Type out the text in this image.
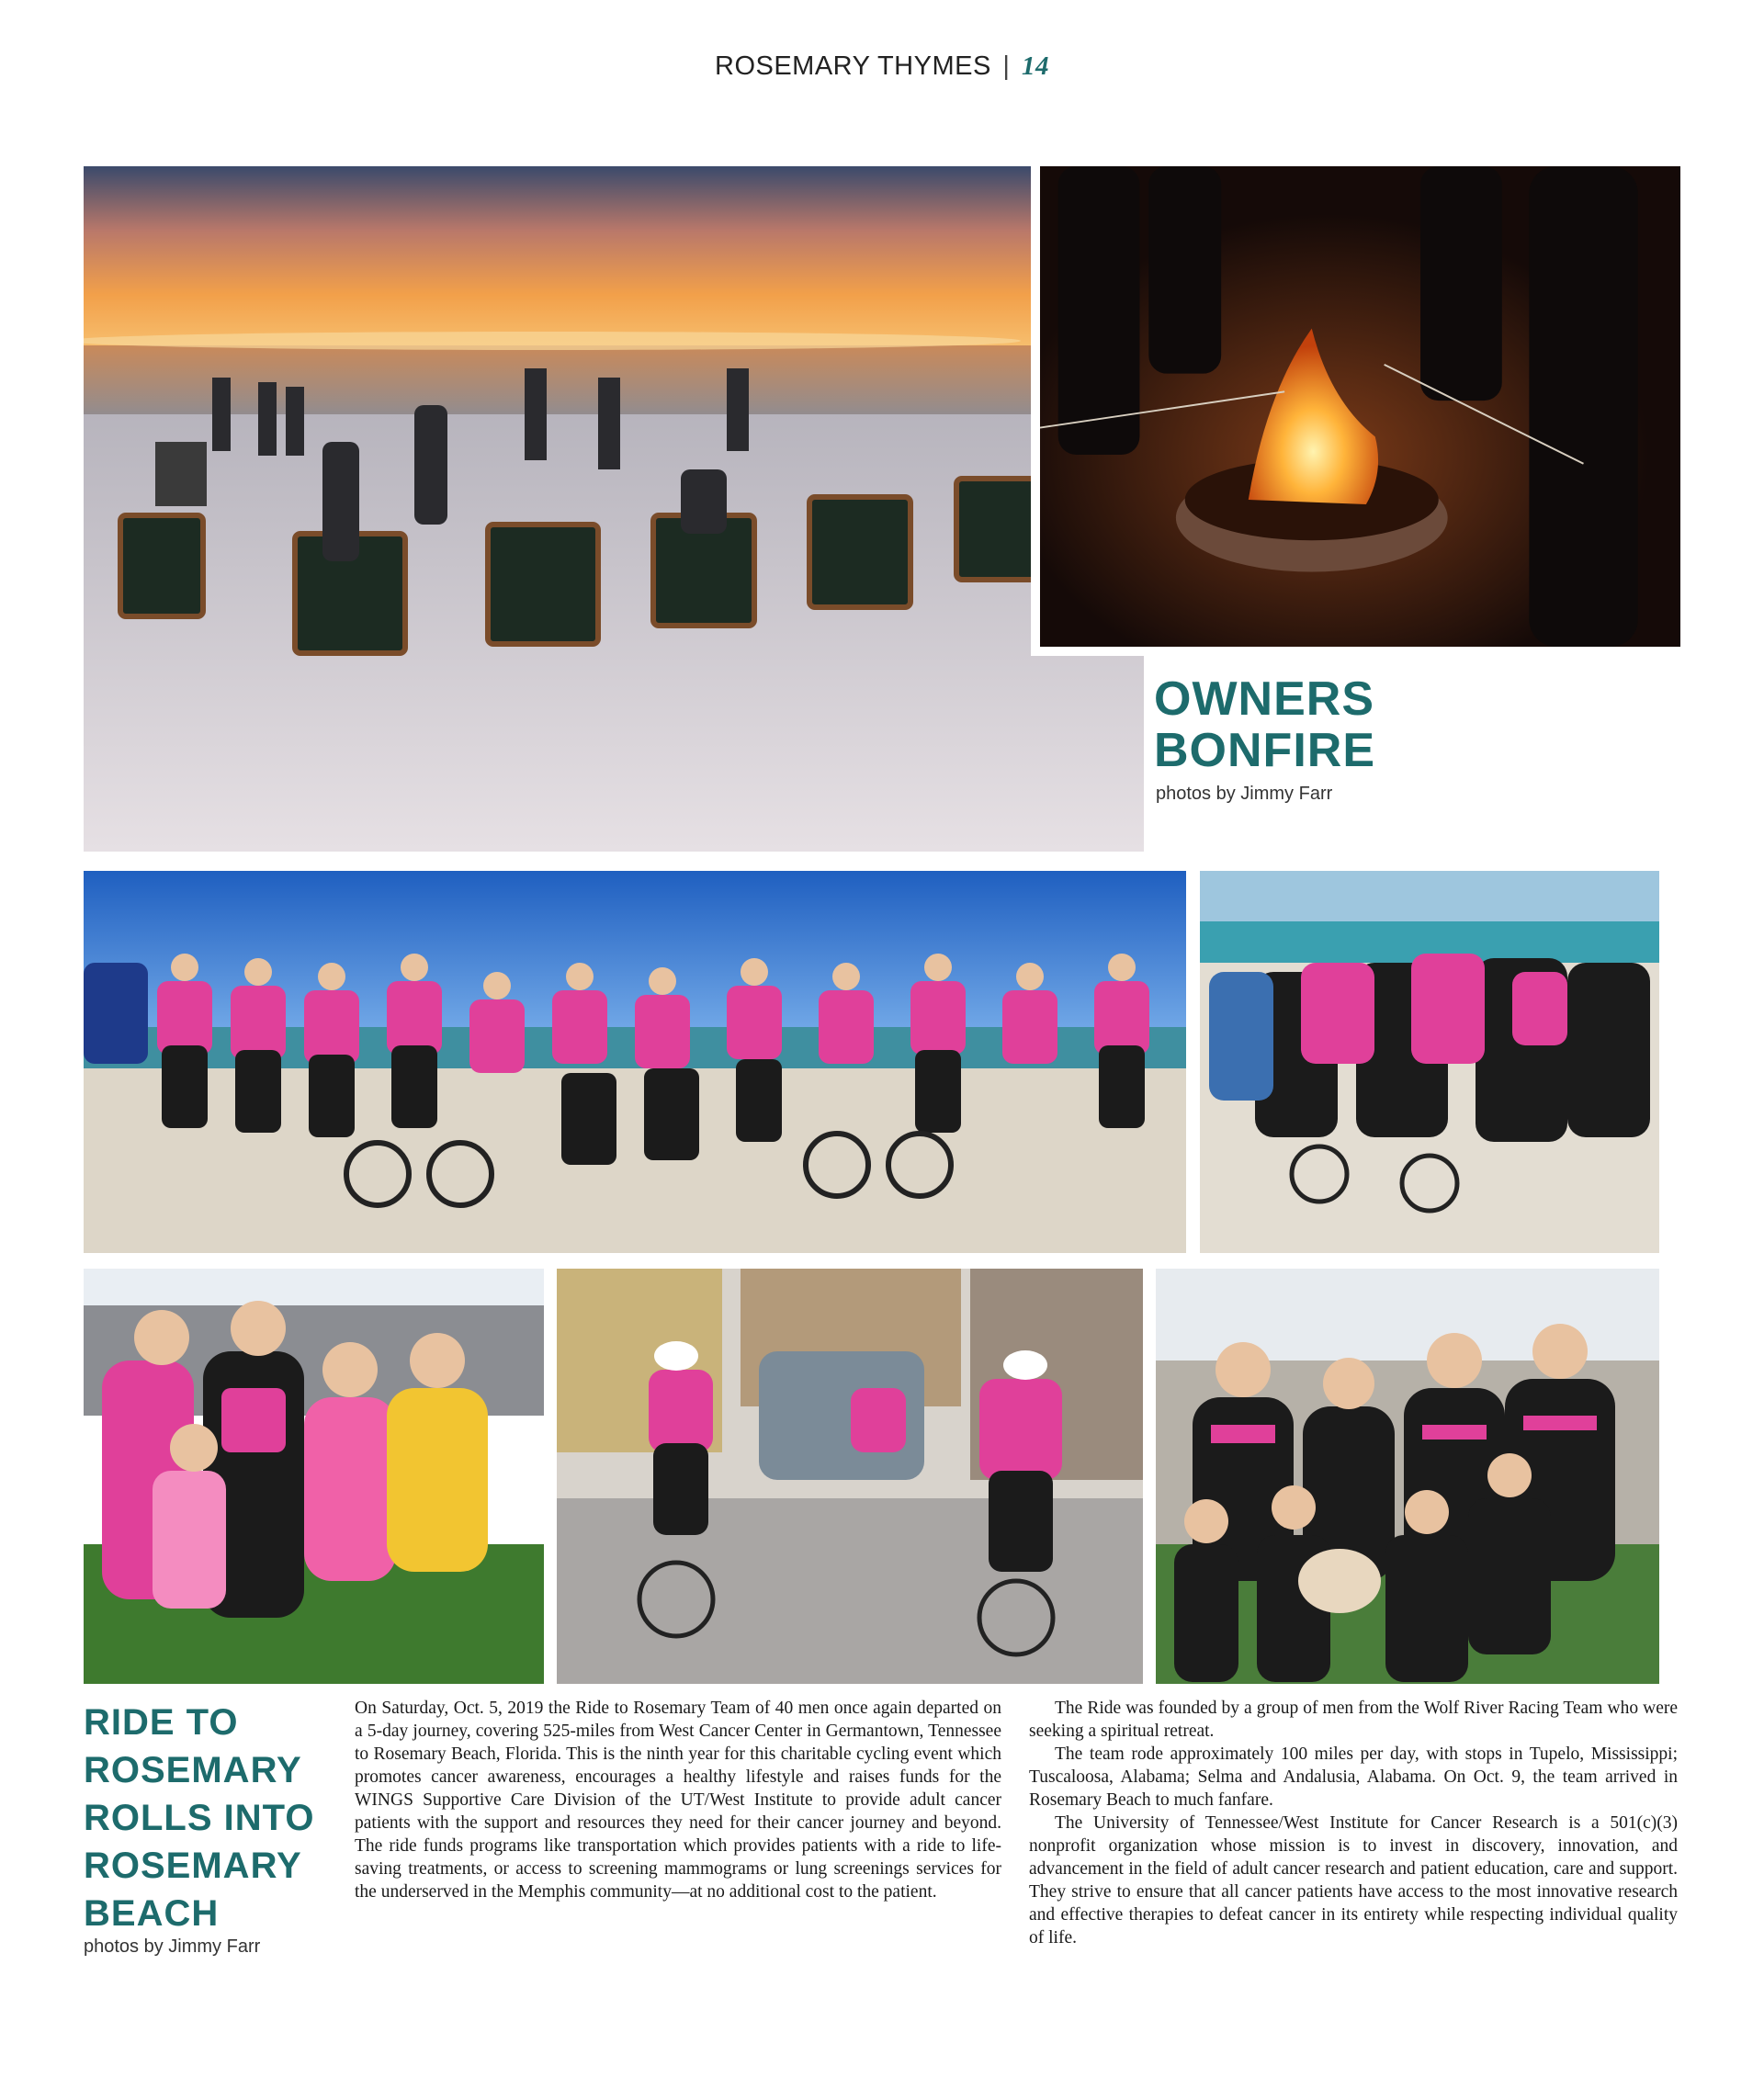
ROSEMARY THYMES | 14
OWNERS
BONFIRE
photos by Jimmy Farr
RIDE TO
ROSEMARY
ROLLS INTO
ROSEMARY
BEACH
photos by Jimmy Farr

On Saturday, Oct. 5, 2019 the Ride to Rosemary Team of 40 men once again departed on a 5-day journey, covering 525-miles from West Cancer Center in Germantown, Tennessee to Rosemary Beach, Florida. This is the ninth year for this charitable cycling event which promotes cancer awareness, encourages a healthy lifestyle and raises funds for the WINGS Supportive Care Division of the UT/West Institute to provide adult cancer patients with the support and resources they need for their cancer journey and beyond. The ride funds programs like transportation which provides patients with a ride to life-saving treatments, or access to screening mammograms or lung screenings services for the underserved in the Memphis community—at no additional cost to the patient.

The Ride was founded by a group of men from the Wolf River Racing Team who were seeking a spiritual retreat.

The team rode approximately 100 miles per day, with stops in Tupelo, Mississippi; Tuscaloosa, Alabama; Selma and Andalusia, Alabama. On Oct. 9, the team arrived in Rosemary Beach to much fanfare.

The University of Tennessee/West Institute for Cancer Research is a 501(c)(3) nonprofit organization whose mission is to invest in discovery, innovation, and advancement in the field of adult cancer research and patient education, care and support. They strive to ensure that all cancer patients have access to the most innovative research and effective therapies to defeat cancer in its entirety while respecting individual quality of life.
